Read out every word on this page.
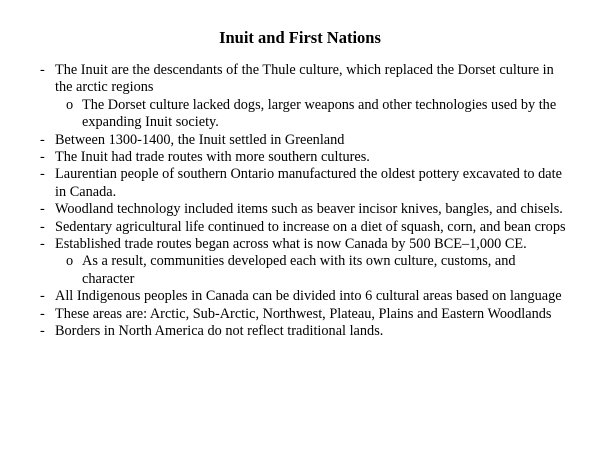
Inuit and First Nations
- The Inuit are the descendants of the Thule culture, which replaced the Dorset culture in the arctic regions
o The Dorset culture lacked dogs, larger weapons and other technologies used by the expanding Inuit society.
- Between 1300-1400, the Inuit settled in Greenland
- The Inuit had trade routes with more southern cultures.
- Laurentian people of southern Ontario manufactured the oldest pottery excavated to date in Canada.
- Woodland technology included items such as beaver incisor knives, bangles, and chisels.
- Sedentary agricultural life continued to increase on a diet of squash, corn, and bean crops
- Established trade routes began across what is now Canada by 500 BCE–1,000 CE.
o As a result, communities developed each with its own culture, customs, and character
- All Indigenous peoples in Canada can be divided into 6 cultural areas based on language
- These areas are: Arctic, Sub-Arctic, Northwest, Plateau, Plains and Eastern Woodlands
- Borders in North America do not reflect traditional lands.
